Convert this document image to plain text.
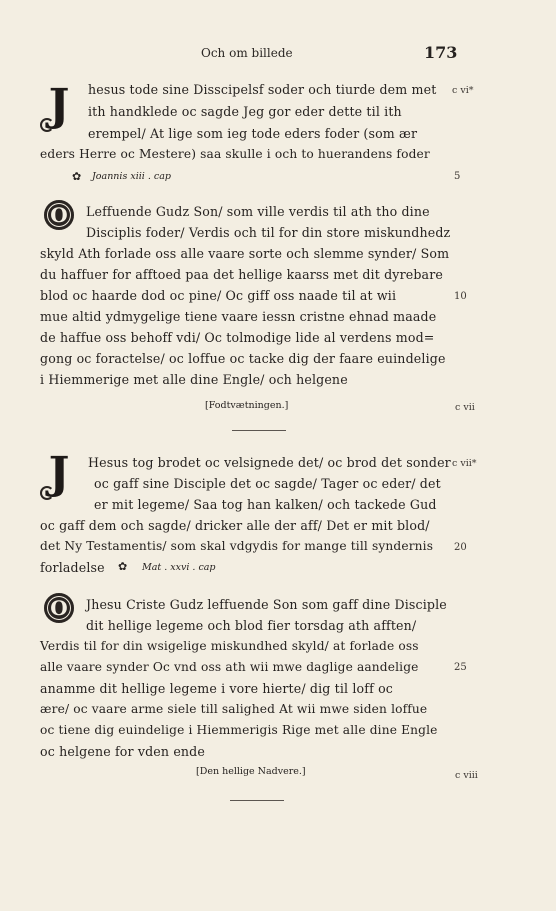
Och om billede	173
J	hesus tode sine Disscipelsf soder och tiurde dem met
ith handklede oc sagde Jeg gor eder dette til ith
erempel/ At lige som ieg tode eders foder (som ær
eders Herre oc Mestere) saa skulle i och to huerandens foder
✿ Joannis xiii . cap
c vi*
5
O	Leffuende Gudz Son/ som ville verdis til ath tho dine
Disciplis foder/ Verdis och til for din store miskundhedz
skyld Ath forlade oss alle vaare sorte och slemme synder/ Som
du haffuer for afftoed paa det hellige kaarss met dit dyrebare
blod oc haarde dod oc pine/ Oc giff oss naade til at wii
mue altid ydmygelige tiene vaare iessn cristne ehnad maade
de haffue oss behoff vdi/ Oc tolmodige lide al verdens mod=
gong oc foractelse/ oc loffue oc tacke dig der faare euindelige
i Hiemmerige met alle dine Engle/ och helgene
[Fodtvætningen.]
10
c vii
J	Hesus tog brodet oc velsignede det/ oc brod det sonder
oc gaff sine Disciple det oc sagde/ Tager oc eder/ det
er mit legeme/ Saa tog han kalken/ och tackede Gud
oc gaff dem och sagde/ dricker alle der aff/ Det er mit blod/
det Ny Testamentis/ som skal vdgydis for mange till syndernis
forladelse ✿ Mat . xxvi . cap
c vii*
20
O	Jhesu Criste Gudz leffuende Son som gaff dine Disciple
dit hellige legeme och blod fier torsdag ath afften/
Verdis til for din wsigelige miskundhed skyld/ at forlade oss
alle vaare synder Oc vnd oss ath wii mwe daglige aandelige
anamme dit hellige legeme i vore hierte/ dig til loff oc
ære/ oc vaare arme siele till salighed At wii mwe siden loffue
oc tiene dig euindelige i Hiemmerigis Rige met alle dine Engle
oc helgene for vden ende
[Den hellige Nadvere.]
25
c viii
